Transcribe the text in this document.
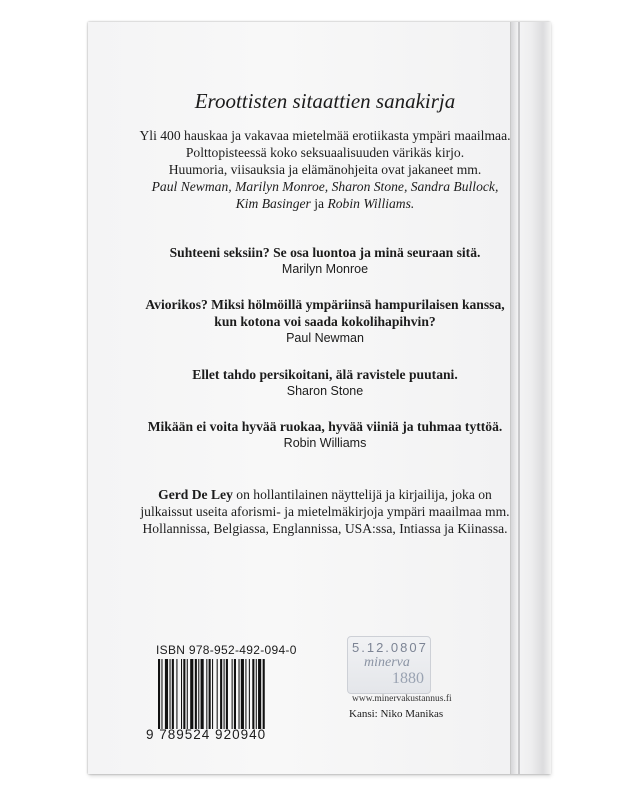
Eroottisten sitaattien sanakirja
Yli 400 hauskaa ja vakavaa mietelmää erotiikasta ympäri maailmaa.
Polttopisteessä koko seksuaalisuuden värikäs kirjo.
Huumoria, viisauksia ja elämänohjeita ovat jakaneet mm.
Paul Newman, Marilyn Monroe, Sharon Stone, Sandra Bullock,
Kim Basinger ja Robin Williams.
Suhteeni seksiin? Se osa luontoa ja minä seuraan sitä.
Marilyn Monroe
Aviorikos? Miksi hölmöillä ympäriinsä hampurilaisen kanssa,
kun kotona voi saada kokolihapihvin?
Paul Newman
Ellet tahdo persikoitani, älä ravistele puutani.
Sharon Stone
Mikään ei voita hyvää ruokaa, hyvää viiniä ja tuhmaa tyttöä.
Robin Williams
Gerd De Ley on hollantilainen näyttelijä ja kirjailija, joka on
julkaissut useita aforismi- ja mietelmäkirjoja ympäri maailmaa mm.
Hollannissa, Belgiassa, Englannissa, USA:ssa, Intiassa ja Kiinassa.
ISBN 978-952-492-094-0
9 789524 920940
5.12.0807
minerva
1880
www.minervakustannus.fi
Kansi: Niko Manikas
